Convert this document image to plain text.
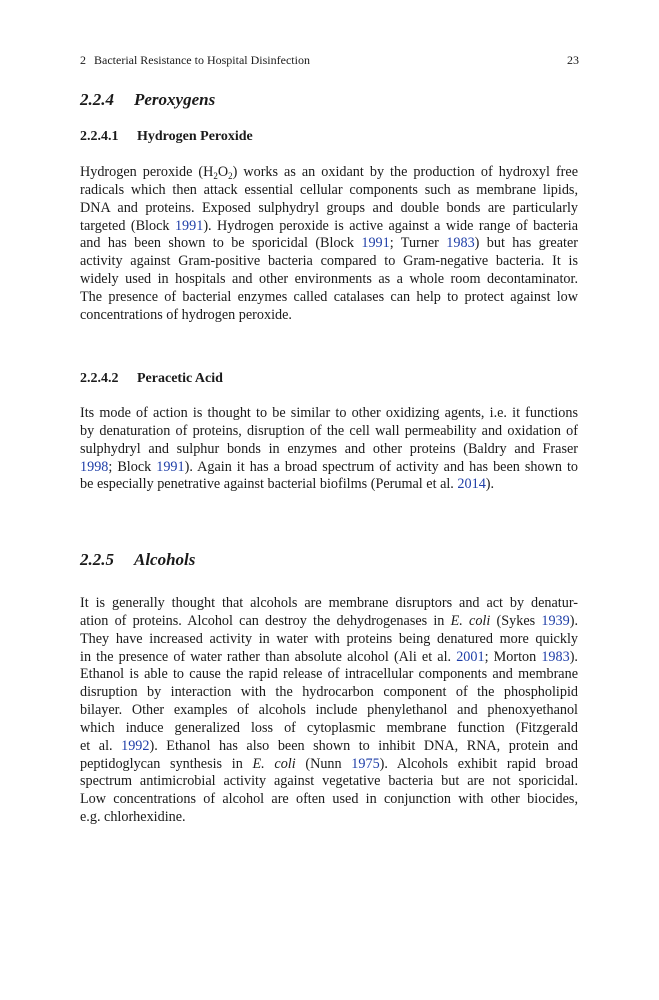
2 Bacterial Resistance to Hospital Disinfection	23
2.2.4 Peroxygens
2.2.4.1 Hydrogen Peroxide
Hydrogen peroxide $(H_2O_2)$ works as an oxidant by the production of hydroxyl free
radicals which then attack essential cellular components such as membrane lipids,
DNA and proteins. Exposed sulphydryl groups and double bonds are particularly
targeted (Block 1991). Hydrogen peroxide is active against a wide range of bacteria
and has been shown to be sporicidal (Block 1991; Turner 1983) but has greater
activity against Gram-positive bacteria compared to Gram-negative bacteria. It is
widely used in hospitals and other environments as a whole room decontaminator.
The presence of bacterial enzymes called catalases can help to protect against low
concentrations of hydrogen peroxide.
2.2.4.2 Peracetic Acid
Its mode of action is thought to be similar to other oxidizing agents, i.e. it functions
by denaturation of proteins, disruption of the cell wall permeability and oxidation of
sulphydryl and sulphur bonds in enzymes and other proteins (Baldry and Fraser
1998; Block 1991). Again it has a broad spectrum of activity and has been shown to
be especially penetrative against bacterial biofilms (Perumal et al. 2014).
2.2.5 Alcohols
It is generally thought that alcohols are membrane disruptors and act by denatur-
ation of proteins. Alcohol can destroy the dehydrogenases in E. coli (Sykes 1939).
They have increased activity in water with proteins being denatured more quickly
in the presence of water rather than absolute alcohol (Ali et al. 2001; Morton 1983).
Ethanol is able to cause the rapid release of intracellular components and membrane
disruption by interaction with the hydrocarbon component of the phospholipid
bilayer. Other examples of alcohols include phenylethanol and phenoxyethanol
which induce generalized loss of cytoplasmic membrane function (Fitzgerald
et al. 1992). Ethanol has also been shown to inhibit DNA, RNA, protein and
peptidoglycan synthesis in E. coli (Nunn 1975). Alcohols exhibit rapid broad
spectrum antimicrobial activity against vegetative bacteria but are not sporicidal.
Low concentrations of alcohol are often used in conjunction with other biocides,
e.g. chlorhexidine.
